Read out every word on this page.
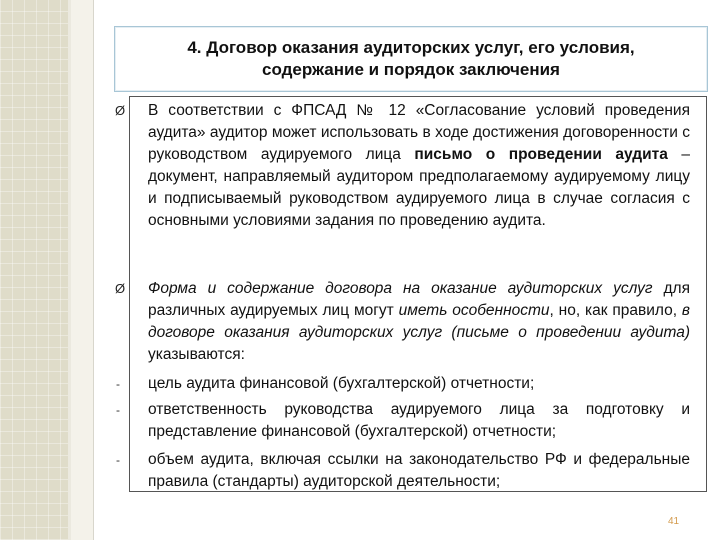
4. Договор оказания аудиторских услуг, его условия,
содержание и порядок заключения

Ø В соответствии с ФПСАД № 12 «Согласование условий проведения аудита» аудитор может использовать в ходе достижения договоренности с руководством аудируемого лица письмо о проведении аудита – документ, направляемый аудитором предполагаемому аудируемому лицу и подписываемый руководством аудируемого лица в случае согласия с основными условиями задания по проведению аудита.
Ø Форма и содержание договора на оказание аудиторских услуг для различных аудируемых лиц могут иметь особенности, но, как правило, в договоре оказания аудиторских услуг (письме о проведении аудита) указываются:
- цель аудита финансовой (бухгалтерской) отчетности;
- ответственность руководства аудируемого лица за подготовку и представление финансовой (бухгалтерской) отчетности;
- объем аудита, включая ссылки на законодательство РФ и федеральные правила (стандарты) аудиторской деятельности;
41
